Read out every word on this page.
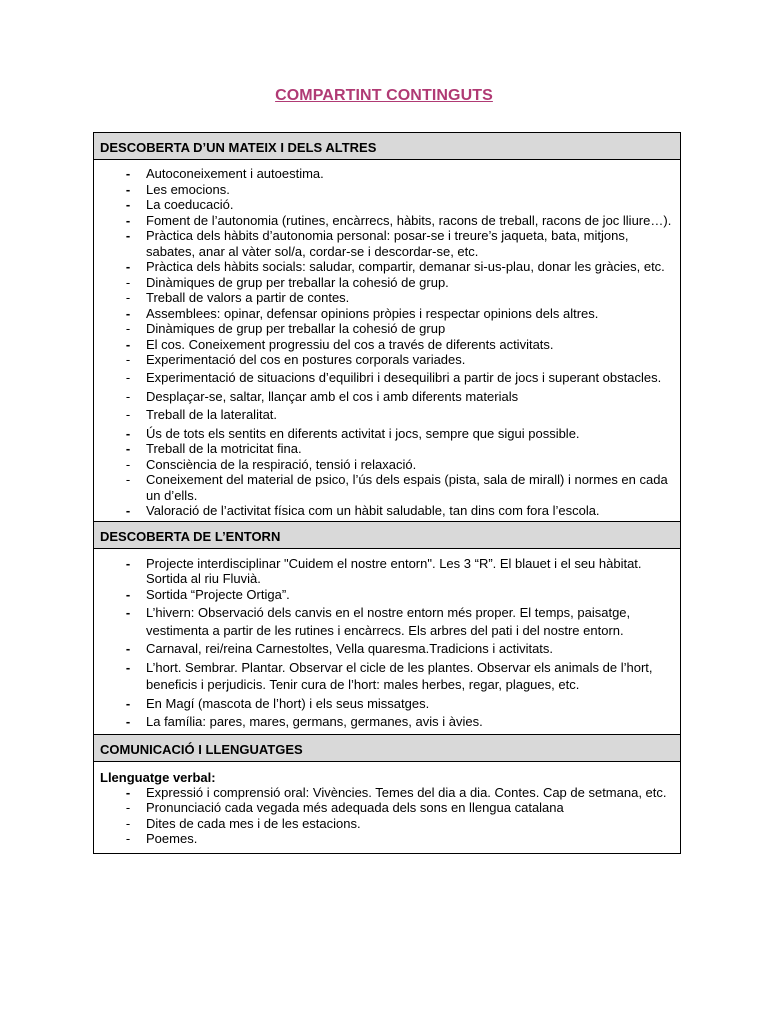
COMPARTINT CONTINGUTS
DESCOBERTA D’UN MATEIX I DELS ALTRES
-	Autoconeixement i autoestima.
-	Les emocions.
-	La coeducació.
-	Foment de l’autonomia (rutines, encàrrecs, hàbits, racons de treball, racons de joc lliure…).
-	Pràctica dels hàbits d’autonomia personal: posar-se i treure’s jaqueta, bata, mitjons, sabates, anar al vàter sol/a, cordar-se i descordar-se, etc.
-	Pràctica dels hàbits socials: saludar, compartir, demanar si-us-plau, donar les gràcies, etc.
-	Dinàmiques de grup per treballar la cohesió de grup.
-	Treball de valors a partir de contes.
-	Assemblees: opinar, defensar opinions pròpies i respectar opinions dels altres.
-	Dinàmiques de grup per treballar la cohesió de grup
-	El cos. Coneixement progressiu del cos a través de diferents activitats.
-	Experimentació del cos en postures corporals variades.
-	Experimentació de situacions d’equilibri i desequilibri a partir de jocs i superant obstacles.
-	Desplaçar-se, saltar, llançar amb el cos i amb diferents materials
-	Treball de la lateralitat.
-	Ús de tots els sentits en diferents activitat i jocs, sempre que sigui possible.
-	Treball de la motricitat fina.
-	Consciència de la respiració, tensió i relaxació.
-	Coneixement del material de psico, l’ús dels espais (pista, sala de mirall) i normes en cada un d’ells.
-	Valoració de l’activitat física com un hàbit saludable, tan dins com fora l’escola.
DESCOBERTA DE L’ENTORN
-	Projecte interdisciplinar "Cuidem el nostre entorn". Les 3 “R”. El blauet i el seu hàbitat. Sortida al riu Fluvià.
-	Sortida “Projecte Ortiga”.
-	L’hivern: Observació dels canvis en el nostre entorn més proper. El temps, paisatge, vestimenta a partir de les rutines i encàrrecs. Els arbres del pati i del nostre entorn.
-	Carnaval, rei/reina Carnestoltes, Vella quaresma.Tradicions i activitats.
-	L’hort. Sembrar. Plantar. Observar el cicle de les plantes. Observar els animals de l’hort, beneficis i perjudicis. Tenir cura de l’hort: males herbes, regar, plagues, etc.
-	En Magí (mascota de l’hort) i els seus missatges.
-	La família: pares, mares, germans, germanes, avis i àvies.
COMUNICACIÓ I LLENGUATGES
Llenguatge verbal:
-	Expressió i comprensió oral: Vivències. Temes del dia a dia. Contes. Cap de setmana, etc.
-	Pronunciació cada vegada més adequada dels sons en llengua catalana
-	Dites de cada mes i de les estacions.
-	Poemes.
